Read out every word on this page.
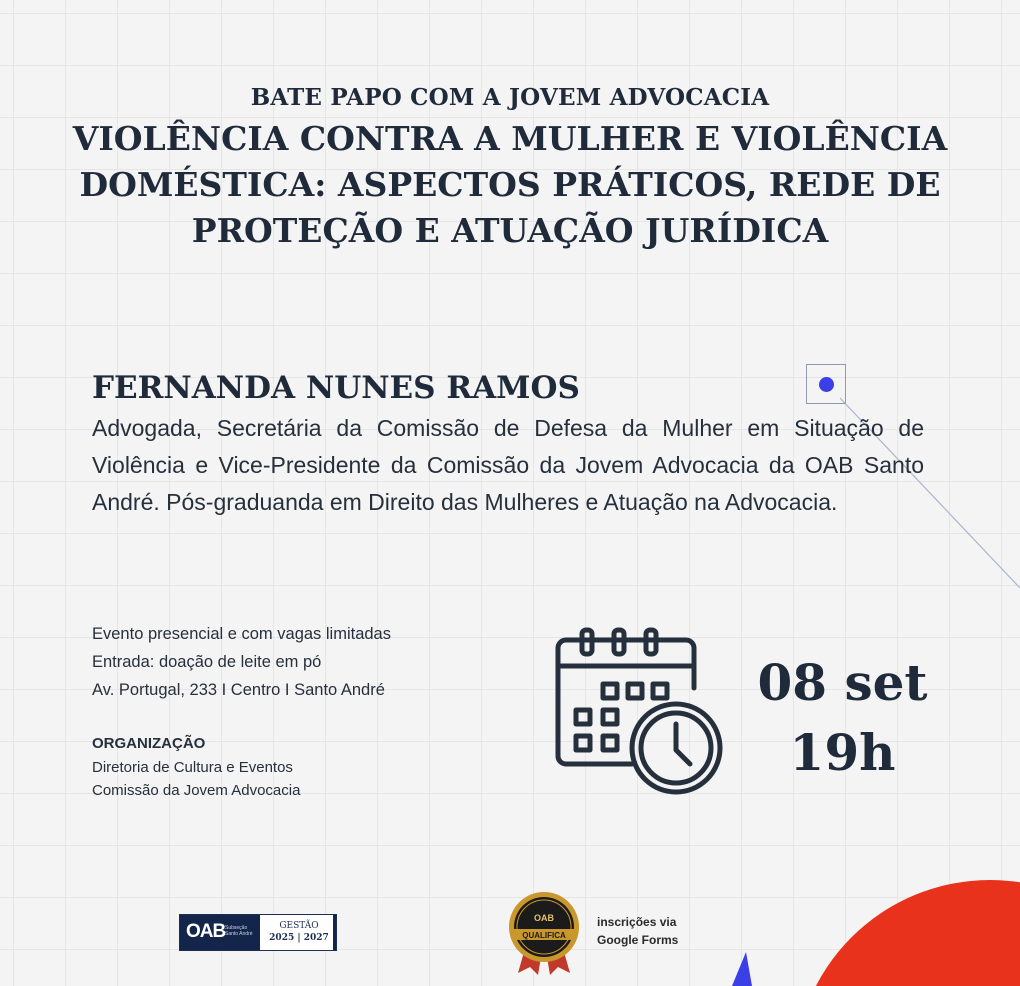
BATE PAPO COM A JOVEM ADVOCACIA
VIOLÊNCIA CONTRA A MULHER E VIOLÊNCIA
DOMÉSTICA: ASPECTOS PRÁTICOS, REDE DE
PROTEÇÃO E ATUAÇÃO JURÍDICA
FERNANDA NUNES RAMOS
Advogada, Secretária da Comissão de Defesa da Mulher em Situação de Violência e Vice-Presidente da Comissão da Jovem Advocacia da OAB Santo André. Pós-graduanda em Direito das Mulheres e Atuação na Advocacia.
Evento presencial e com vagas limitadas
Entrada: doação de leite em pó
Av. Portugal, 233 I Centro I Santo André
ORGANIZAÇÃO
Diretoria de Cultura e Eventos
Comissão da Jovem Advocacia
08 set
19h
OAB Subseção Santo André
GESTÃO
2025 | 2027
OAB
QUALIFICA
inscrições via
Google Forms
